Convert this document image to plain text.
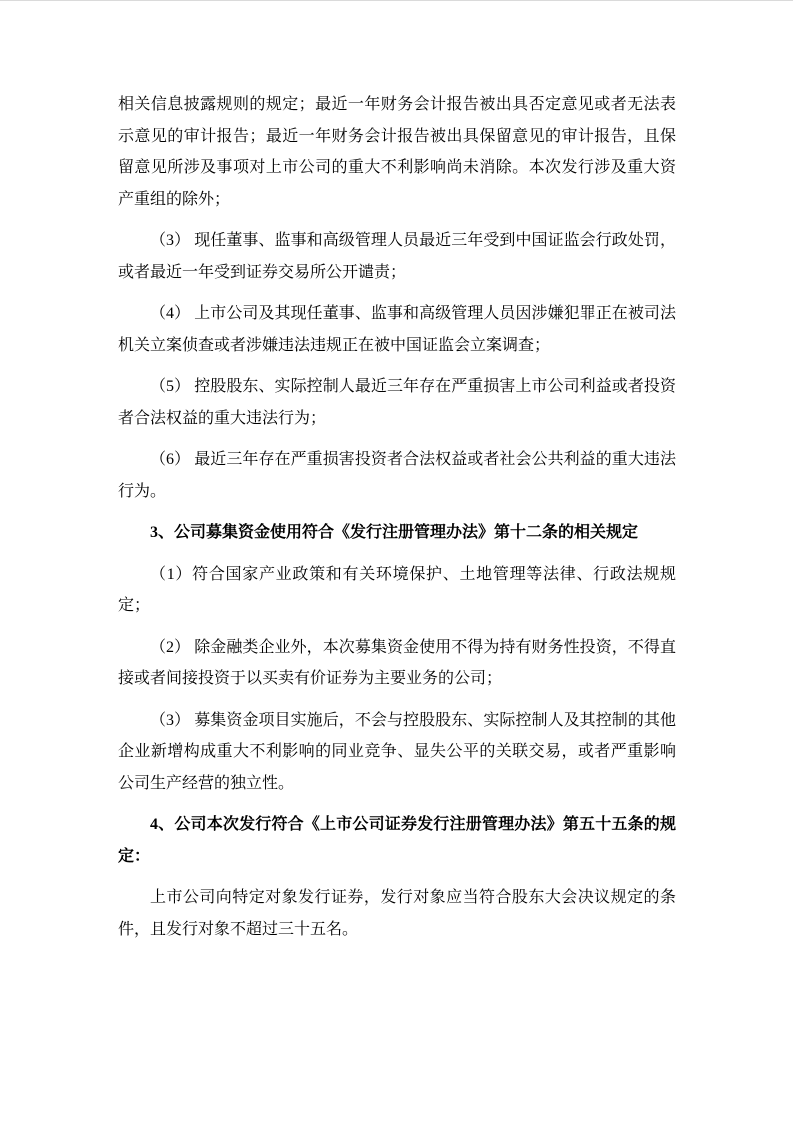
相关信息披露规则的规定；最近一年财务会计报告被出具否定意见或者无法表示意见的审计报告；最近一年财务会计报告被出具保留意见的审计报告，且保留意见所涉及事项对上市公司的重大不利影响尚未消除。本次发行涉及重大资产重组的除外；

（3） 现任董事、监事和高级管理人员最近三年受到中国证监会行政处罚，或者最近一年受到证券交易所公开谴责；

（4） 上市公司及其现任董事、监事和高级管理人员因涉嫌犯罪正在被司法机关立案侦查或者涉嫌违法违规正在被中国证监会立案调查；

（5） 控股股东、实际控制人最近三年存在严重损害上市公司利益或者投资者合法权益的重大违法行为；

（6） 最近三年存在严重损害投资者合法权益或者社会公共利益的重大违法行为。

3、公司募集资金使用符合《发行注册管理办法》第十二条的相关规定

（1）符合国家产业政策和有关环境保护、土地管理等法律、行政法规规定；

（2） 除金融类企业外，本次募集资金使用不得为持有财务性投资，不得直接或者间接投资于以买卖有价证券为主要业务的公司；

（3） 募集资金项目实施后，不会与控股股东、实际控制人及其控制的其他企业新增构成重大不利影响的同业竞争、显失公平的关联交易，或者严重影响公司生产经营的独立性。

4、公司本次发行符合《上市公司证券发行注册管理办法》第五十五条的规定：

上市公司向特定对象发行证券，发行对象应当符合股东大会决议规定的条件，且发行对象不超过三十五名。
